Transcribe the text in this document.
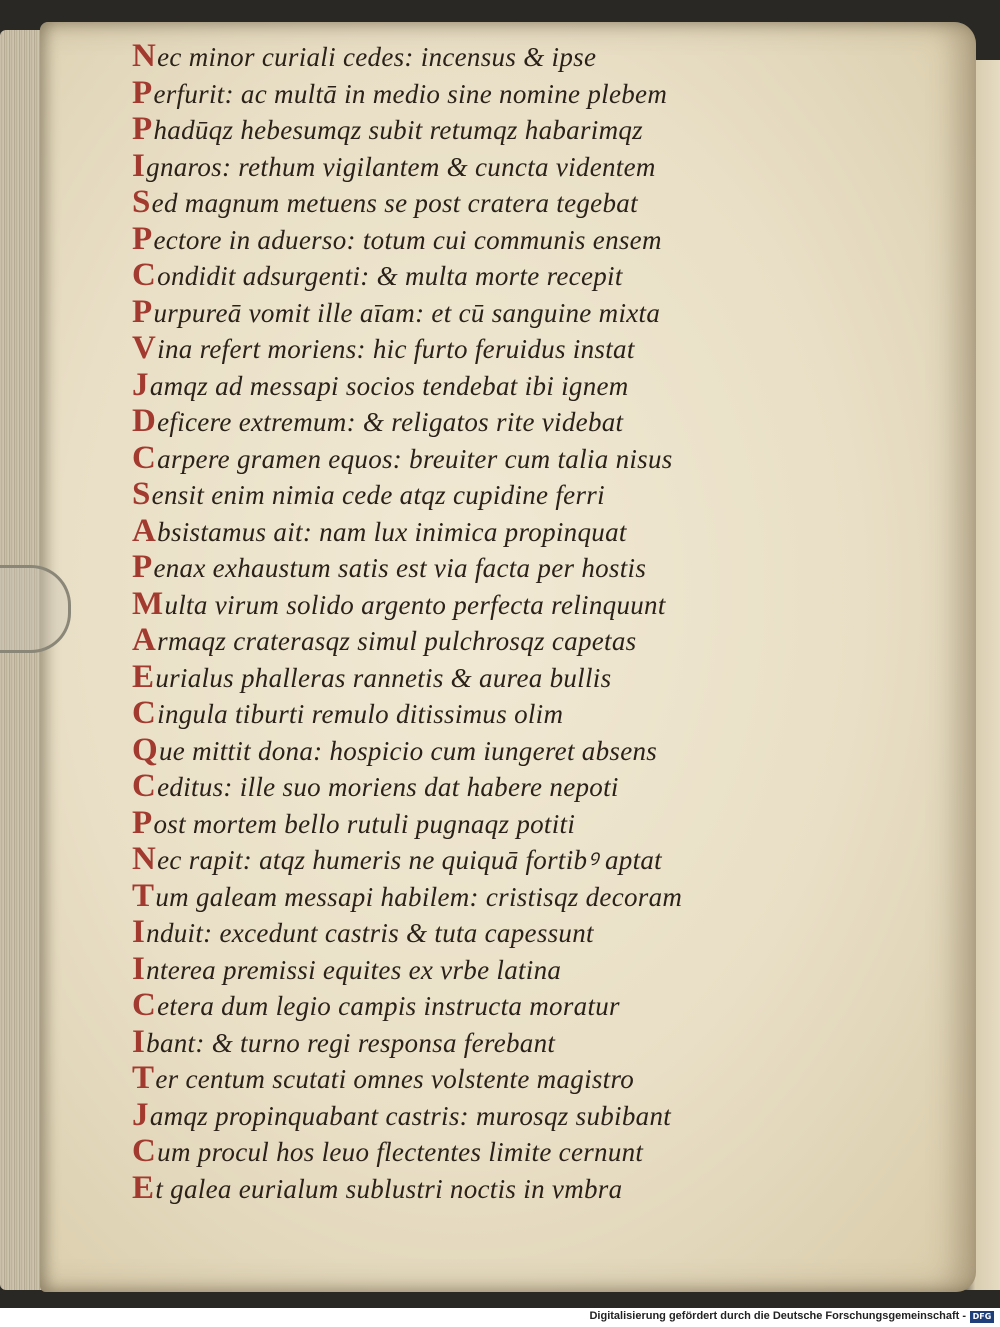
Nec minor curiali cedes: incensus & ipse
Perfurit: ac multā in medio sine nomine plebem
Phadūqz hebesumqz subit retumqz habarimqz
Ignaros: rethum vigilantem & cuncta videntem
Sed magnum metuens se post cratera tegebat
Pectore in aduerso: totum cui communis ensem
Condidit adsurgenti: & multa morte recepit
Purpureā vomit ille aīam: et cū sanguine mixta
Vina refert moriens: hic furto feruidus instat
Jamqz ad messapi socios tendebat ibi ignem
Deficere extremum: & religatos rite videbat
Carpere gramen equos: breuiter cum talia nisus
Sensit enim nimia cede atqz cupidine ferri
Absistamus ait: nam lux inimica propinquat
Penax exhaustum satis est via facta per hostis
Multa virum solido argento perfecta relinquunt
Armaqz craterasqz simul pulchrosqz capetas
Eurialus phalleras rannetis & aurea bullis
Cingula tiburti remulo ditissimus olim
Que mittit dona: hospicio cum iungeret absens
Ceditus: ille suo moriens dat habere nepoti
Post mortem bello rutuli pugnaqz potiti
Nec rapit: atqz humeris ne quiquā fortibꝰ aptat
Tum galeam messapi habilem: cristisqz decoram
Induit: excedunt castris & tuta capessunt
Interea premissi equites ex vrbe latina
Cetera dum legio campis instructa moratur
Ibant: & turno regi responsa ferebant
Ter centum scutati omnes volstente magistro
Jamqz propinquabant castris: murosqz subibant
Cum procul hos leuo flectentes limite cernunt
Et galea eurialum sublustri noctis in vmbra
Digitalisierung gefördert durch die Deutsche Forschungsgemeinschaft - DFG
